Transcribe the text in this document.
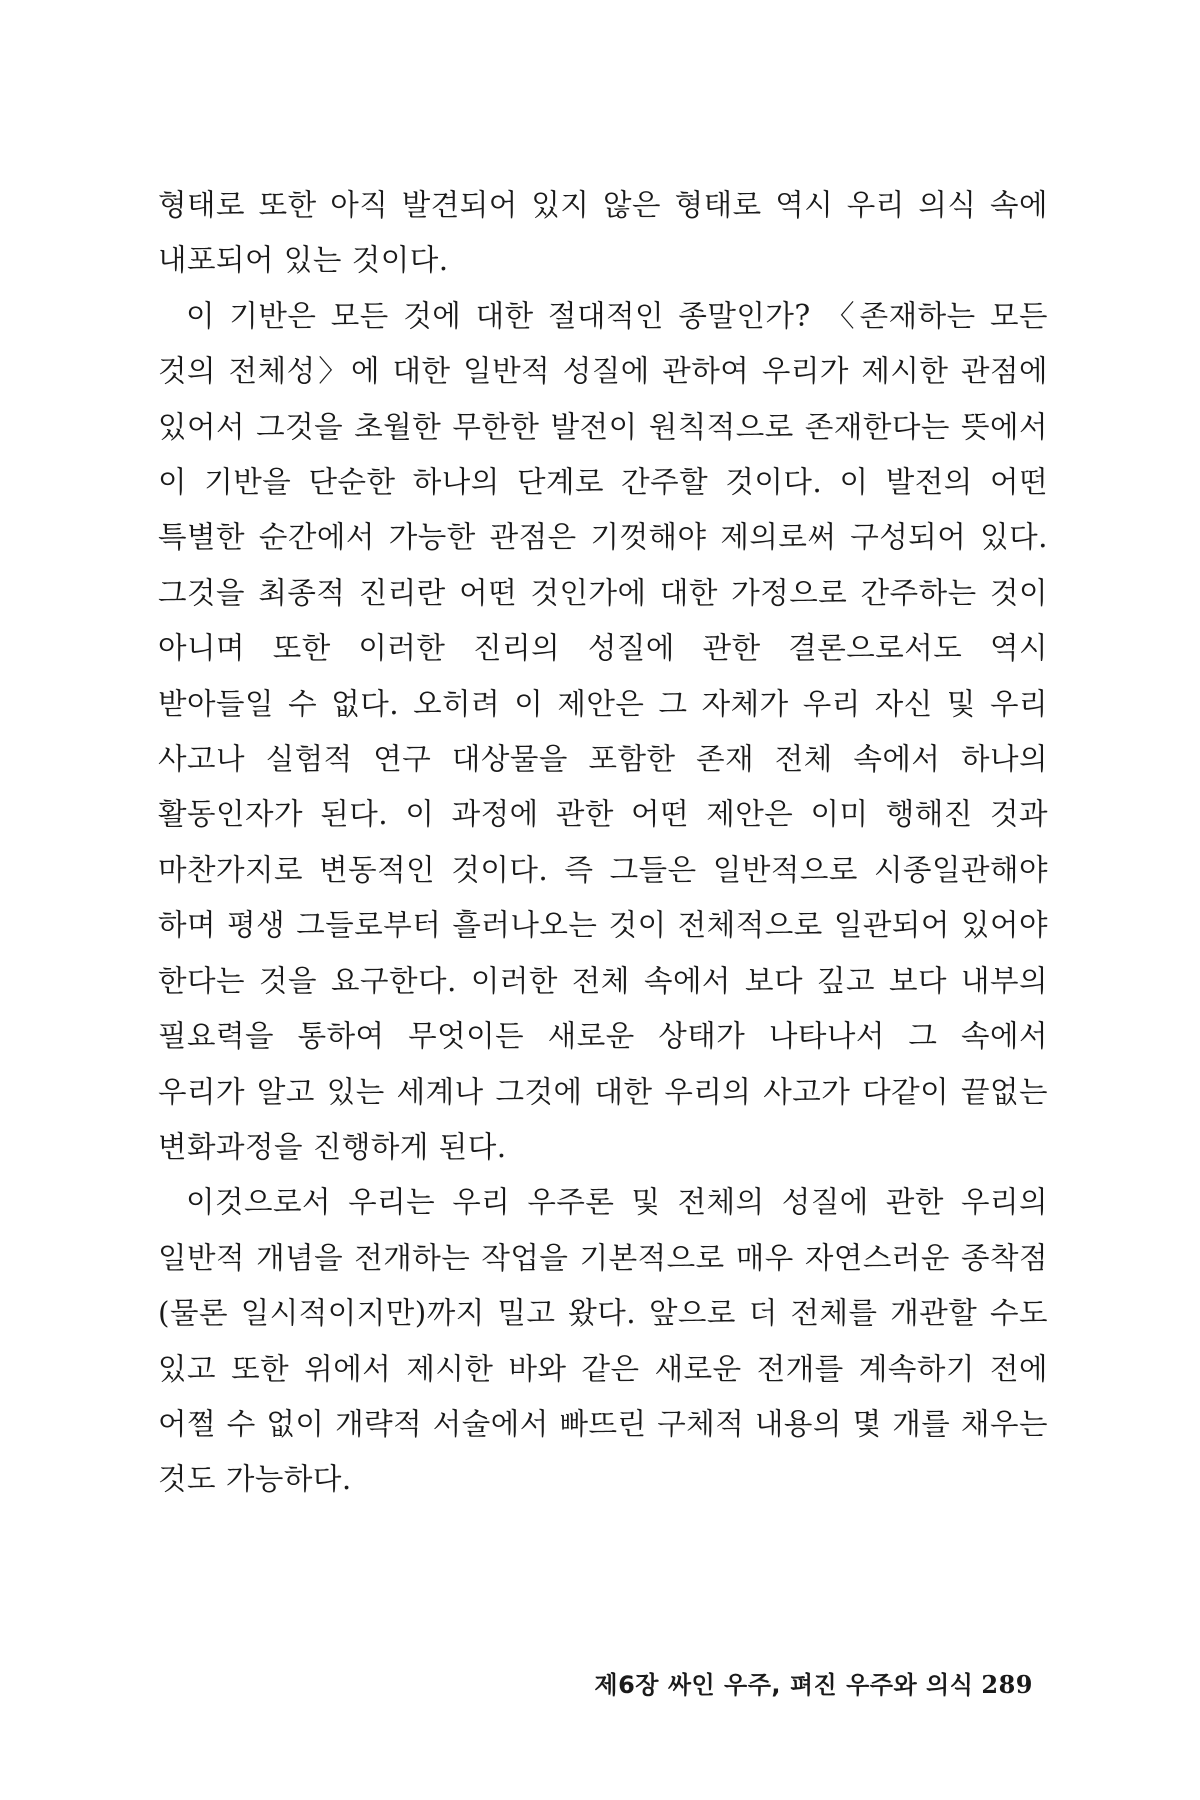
형태로 또한 아직 발견되어 있지 않은 형태로 역시 우리 의식 속에 내포되어 있는 것이다.

이 기반은 모든 것에 대한 절대적인 종말인가? 〈존재하는 모든 것의 전체성〉에 대한 일반적 성질에 관하여 우리가 제시한 관점에 있어서 그것을 초월한 무한한 발전이 원칙적으로 존재한다는 뜻에서 이 기반을 단순한 하나의 단계로 간주할 것이다. 이 발전의 어떤 특별한 순간에서 가능한 관점은 기껏해야 제의로써 구성되어 있다. 그것을 최종적 진리란 어떤 것인가에 대한 가정으로 간주하는 것이 아니며 또한 이러한 진리의 성질에 관한 결론으로서도 역시 받아들일 수 없다. 오히려 이 제안은 그 자체가 우리 자신 및 우리 사고나 실험적 연구 대상물을 포함한 존재 전체 속에서 하나의 활동인자가 된다. 이 과정에 관한 어떤 제안은 이미 행해진 것과 마찬가지로 변동적인 것이다. 즉 그들은 일반적으로 시종일관해야 하며 평생 그들로부터 흘러나오는 것이 전체적으로 일관되어 있어야 한다는 것을 요구한다. 이러한 전체 속에서 보다 깊고 보다 내부의 필요력을 통하여 무엇이든 새로운 상태가 나타나서 그 속에서 우리가 알고 있는 세계나 그것에 대한 우리의 사고가 다같이 끝없는 변화과정을 진행하게 된다.

이것으로서 우리는 우리 우주론 및 전체의 성질에 관한 우리의 일반적 개념을 전개하는 작업을 기본적으로 매우 자연스러운 종착점(물론 일시적이지만)까지 밀고 왔다. 앞으로 더 전체를 개관할 수도 있고 또한 위에서 제시한 바와 같은 새로운 전개를 계속하기 전에 어쩔 수 없이 개략적 서술에서 빠뜨린 구체적 내용의 몇 개를 채우는 것도 가능하다.

제6장 싸인 우주, 펴진 우주와 의식 289
